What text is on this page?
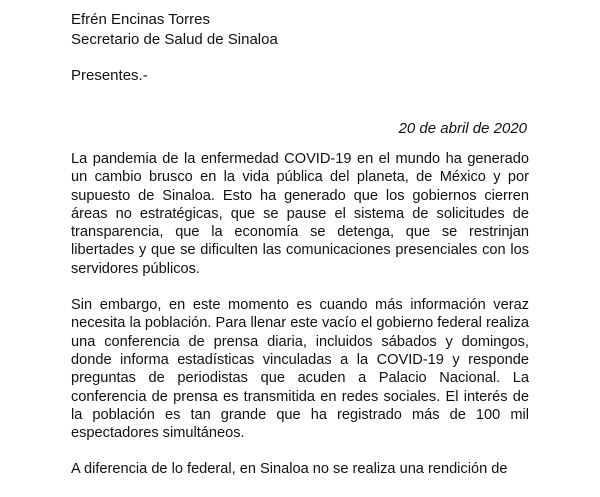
Efrén Encinas Torres
Secretario de Salud de Sinaloa
Presentes.-
20 de abril de 2020

La pandemia de la enfermedad COVID-19 en el mundo ha generado un cambio brusco en la vida pública del planeta, de México y por supuesto de Sinaloa. Esto ha generado que los gobiernos cierren áreas no estratégicas, que se pause el sistema de solicitudes de transparencia, que la economía se detenga, que se restrinjan libertades y que se dificulten las comunicaciones presenciales con los servidores públicos.

Sin embargo, en este momento es cuando más información veraz necesita la población. Para llenar este vacío el gobierno federal realiza una conferencia de prensa diaria, incluidos sábados y domingos, donde informa estadísticas vinculadas a la COVID-19 y responde preguntas de periodistas que acuden a Palacio Nacional. La conferencia de prensa es transmitida en redes sociales. El interés de la población es tan grande que ha registrado más de 100 mil espectadores simultáneos.

A diferencia de lo federal, en Sinaloa no se realiza una rendición de
